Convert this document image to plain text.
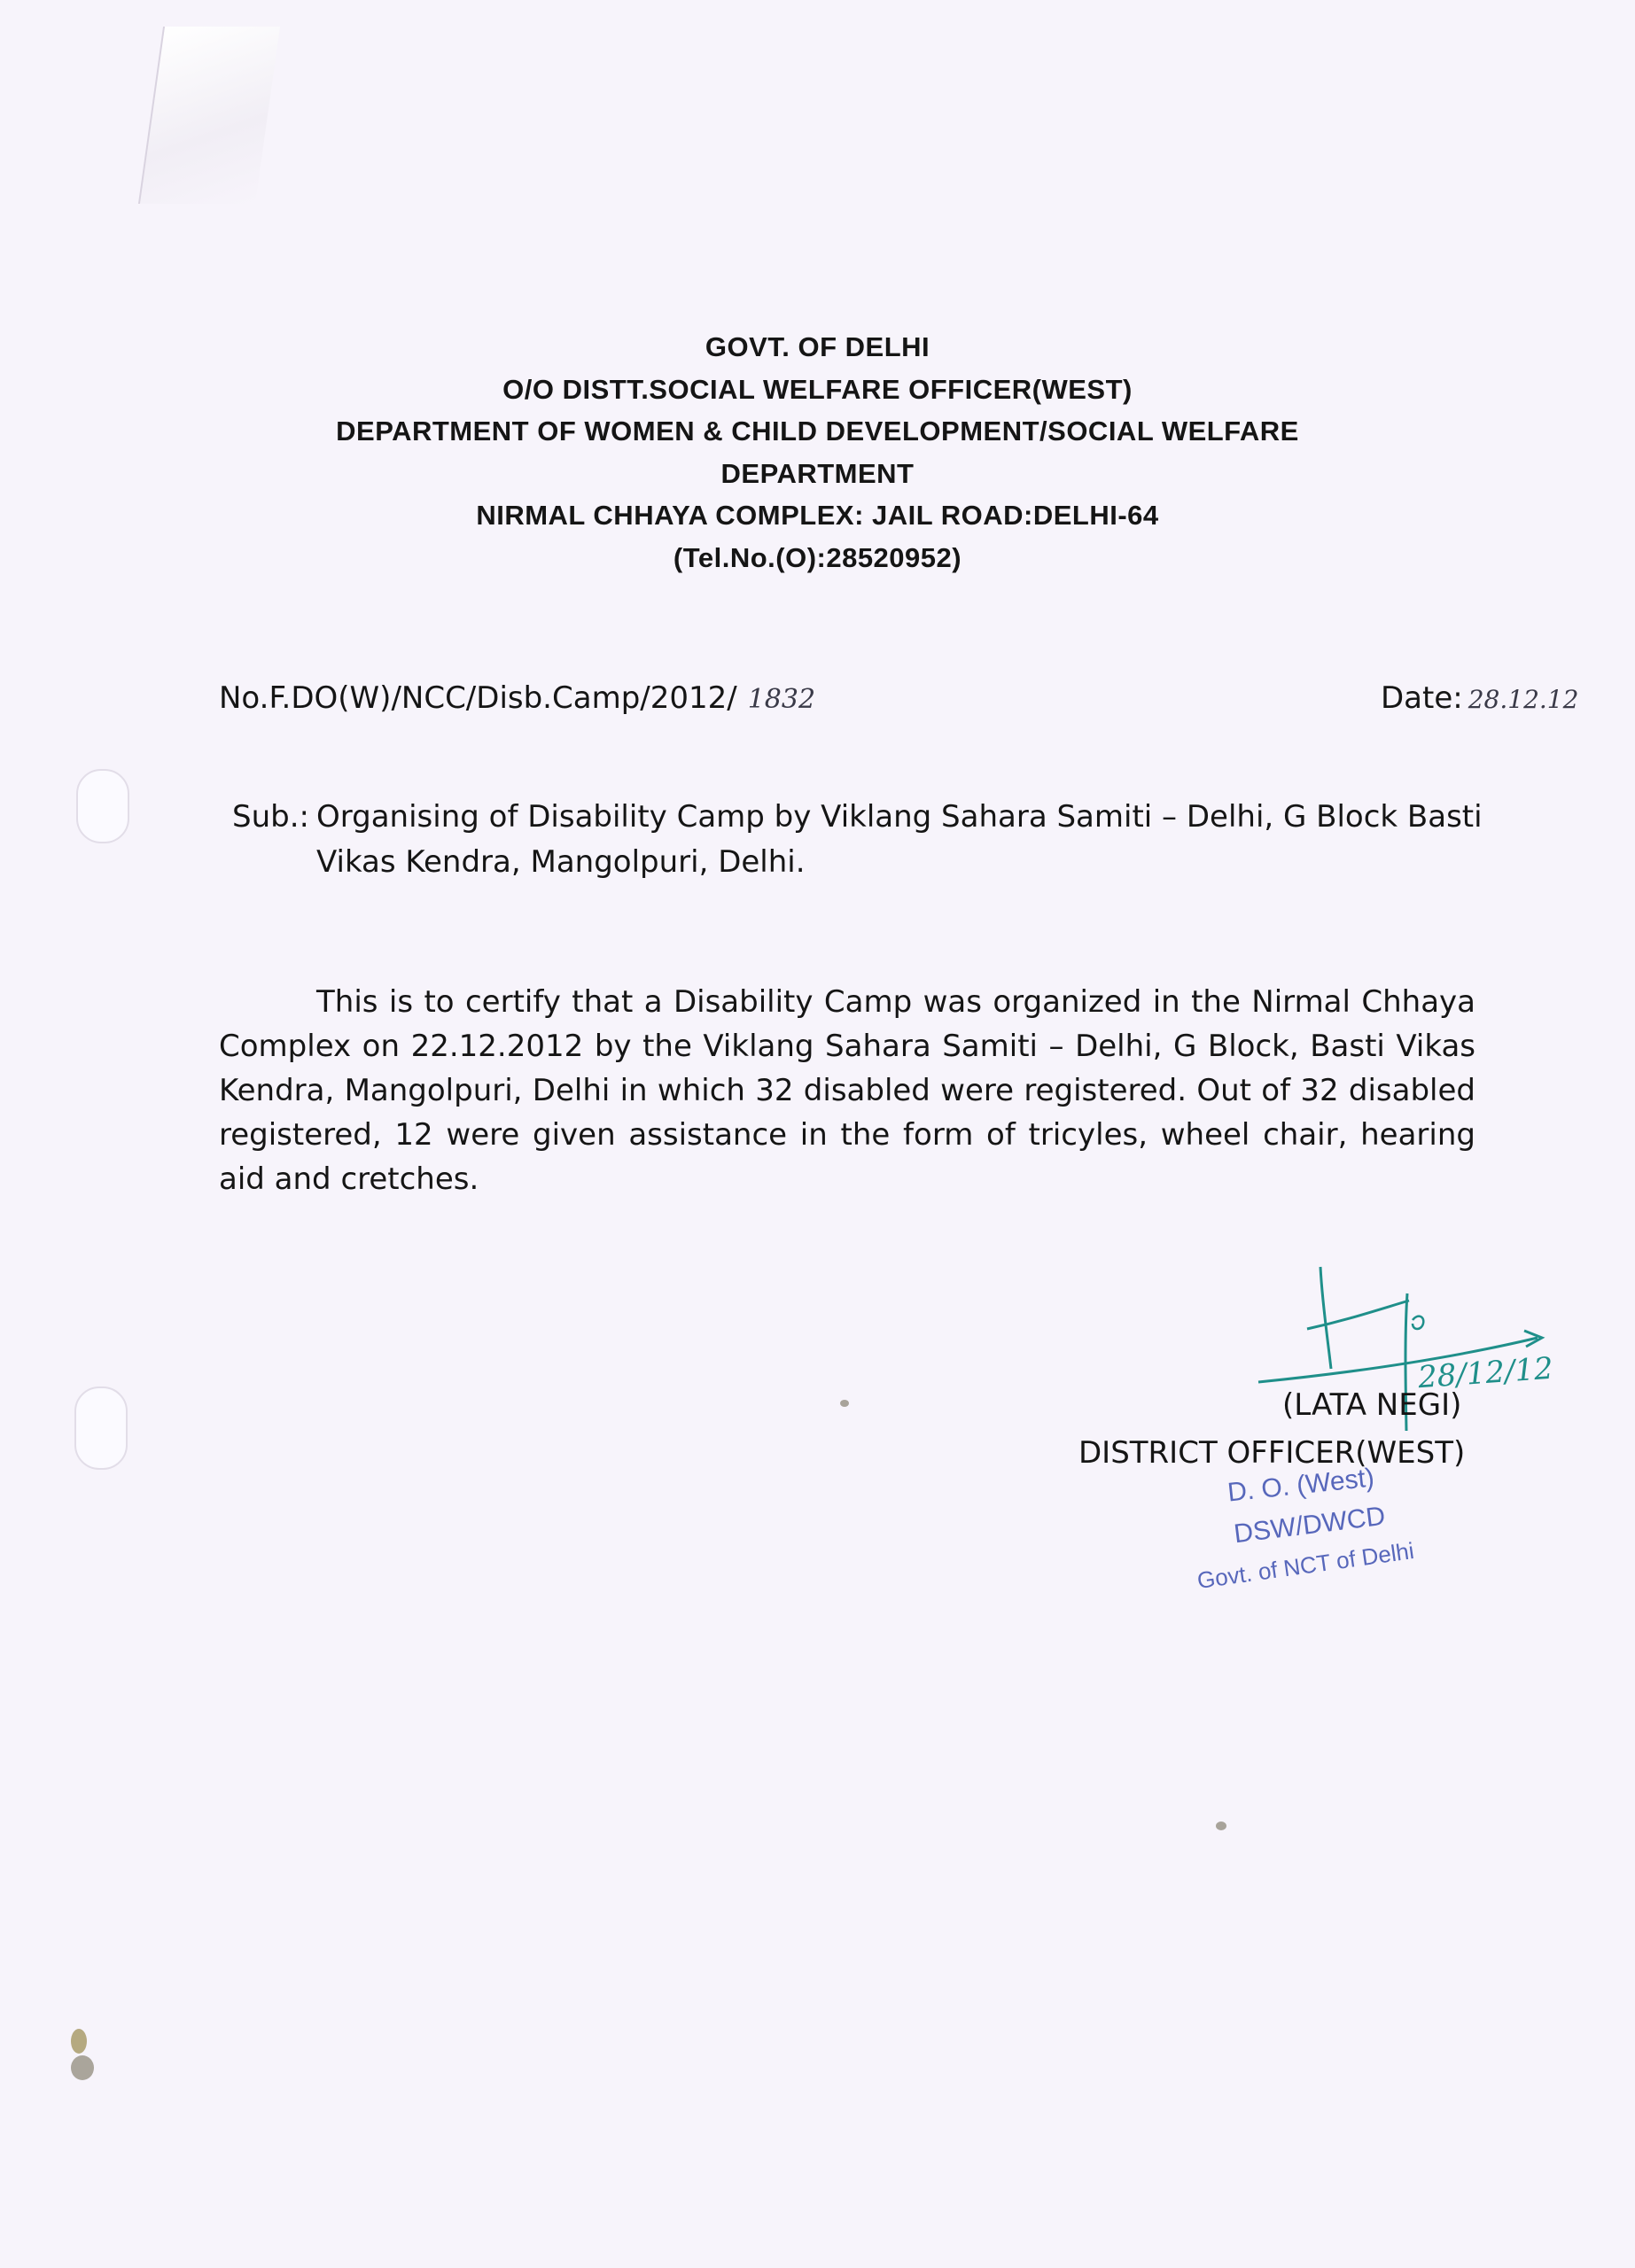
GOVT. OF DELHI
O/O DISTT.SOCIAL WELFARE OFFICER(WEST)
DEPARTMENT OF WOMEN & CHILD DEVELOPMENT/SOCIAL WELFARE
DEPARTMENT
NIRMAL CHHAYA COMPLEX: JAIL ROAD:DELHI-64
(Tel.No.(O):28520952)
No.F.DO(W)/NCC/Disb.Camp/2012/ 1832	Date: 28.12.12
Sub.: Organising of Disability Camp by Viklang Sahara Samiti – Delhi, G Block Basti Vikas Kendra, Mangolpuri, Delhi.
This is to certify that a Disability Camp was organized in the Nirmal Chhaya Complex on 22.12.2012 by the Viklang Sahara Samiti – Delhi, G Block, Basti Vikas Kendra, Mangolpuri, Delhi in which 32 disabled were registered. Out of 32 disabled registered, 12 were given assistance in the form of tricyles, wheel chair, hearing aid and cretches.
28/12/12
(LATA NEGI)
DISTRICT OFFICER(WEST)
D. O. (West)
DSW/DWCD
Govt. of NCT of Delhi
